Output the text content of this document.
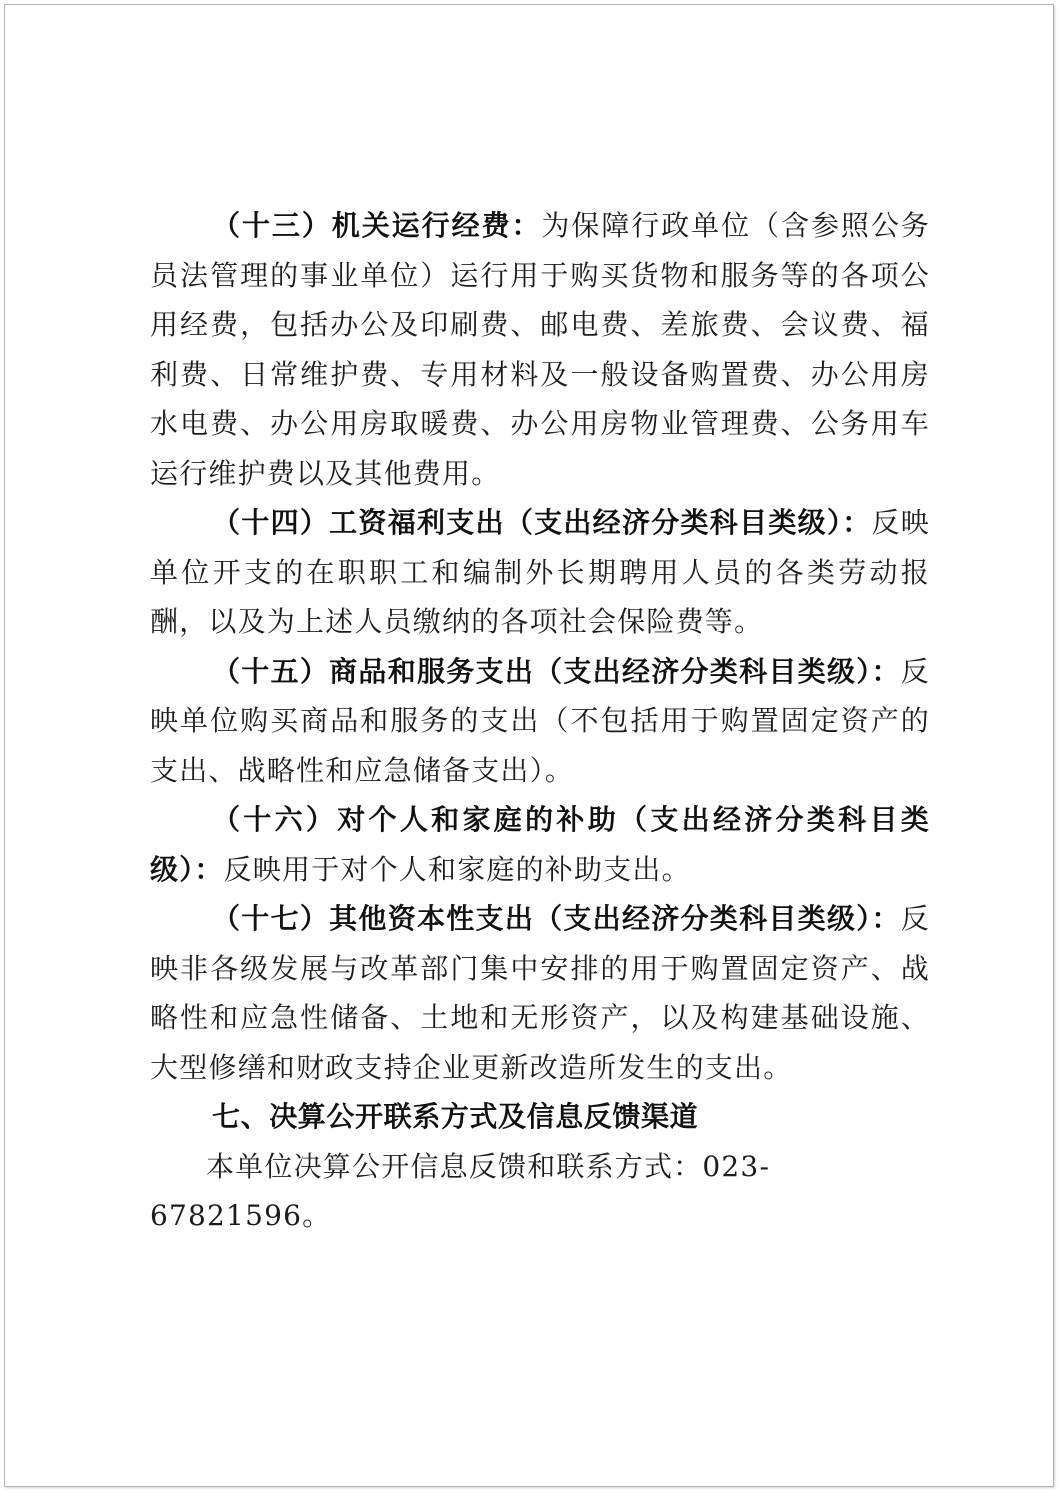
（十三）机关运行经费：为保障行政单位（含参照公务员法管理的事业单位）运行用于购买货物和服务等的各项公用经费，包括办公及印刷费、邮电费、差旅费、会议费、福利费、日常维护费、专用材料及一般设备购置费、办公用房水电费、办公用房取暖费、办公用房物业管理费、公务用车运行维护费以及其他费用。

（十四）工资福利支出（支出经济分类科目类级）：反映单位开支的在职职工和编制外长期聘用人员的各类劳动报酬，以及为上述人员缴纳的各项社会保险费等。

（十五）商品和服务支出（支出经济分类科目类级）：反映单位购买商品和服务的支出（不包括用于购置固定资产的支出、战略性和应急储备支出）。

（十六）对个人和家庭的补助（支出经济分类科目类级）：反映用于对个人和家庭的补助支出。

（十七）其他资本性支出（支出经济分类科目类级）：反映非各级发展与改革部门集中安排的用于购置固定资产、战略性和应急性储备、土地和无形资产，以及构建基础设施、大型修缮和财政支持企业更新改造所发生的支出。

七、决算公开联系方式及信息反馈渠道

本单位决算公开信息反馈和联系方式：023-67821596。
